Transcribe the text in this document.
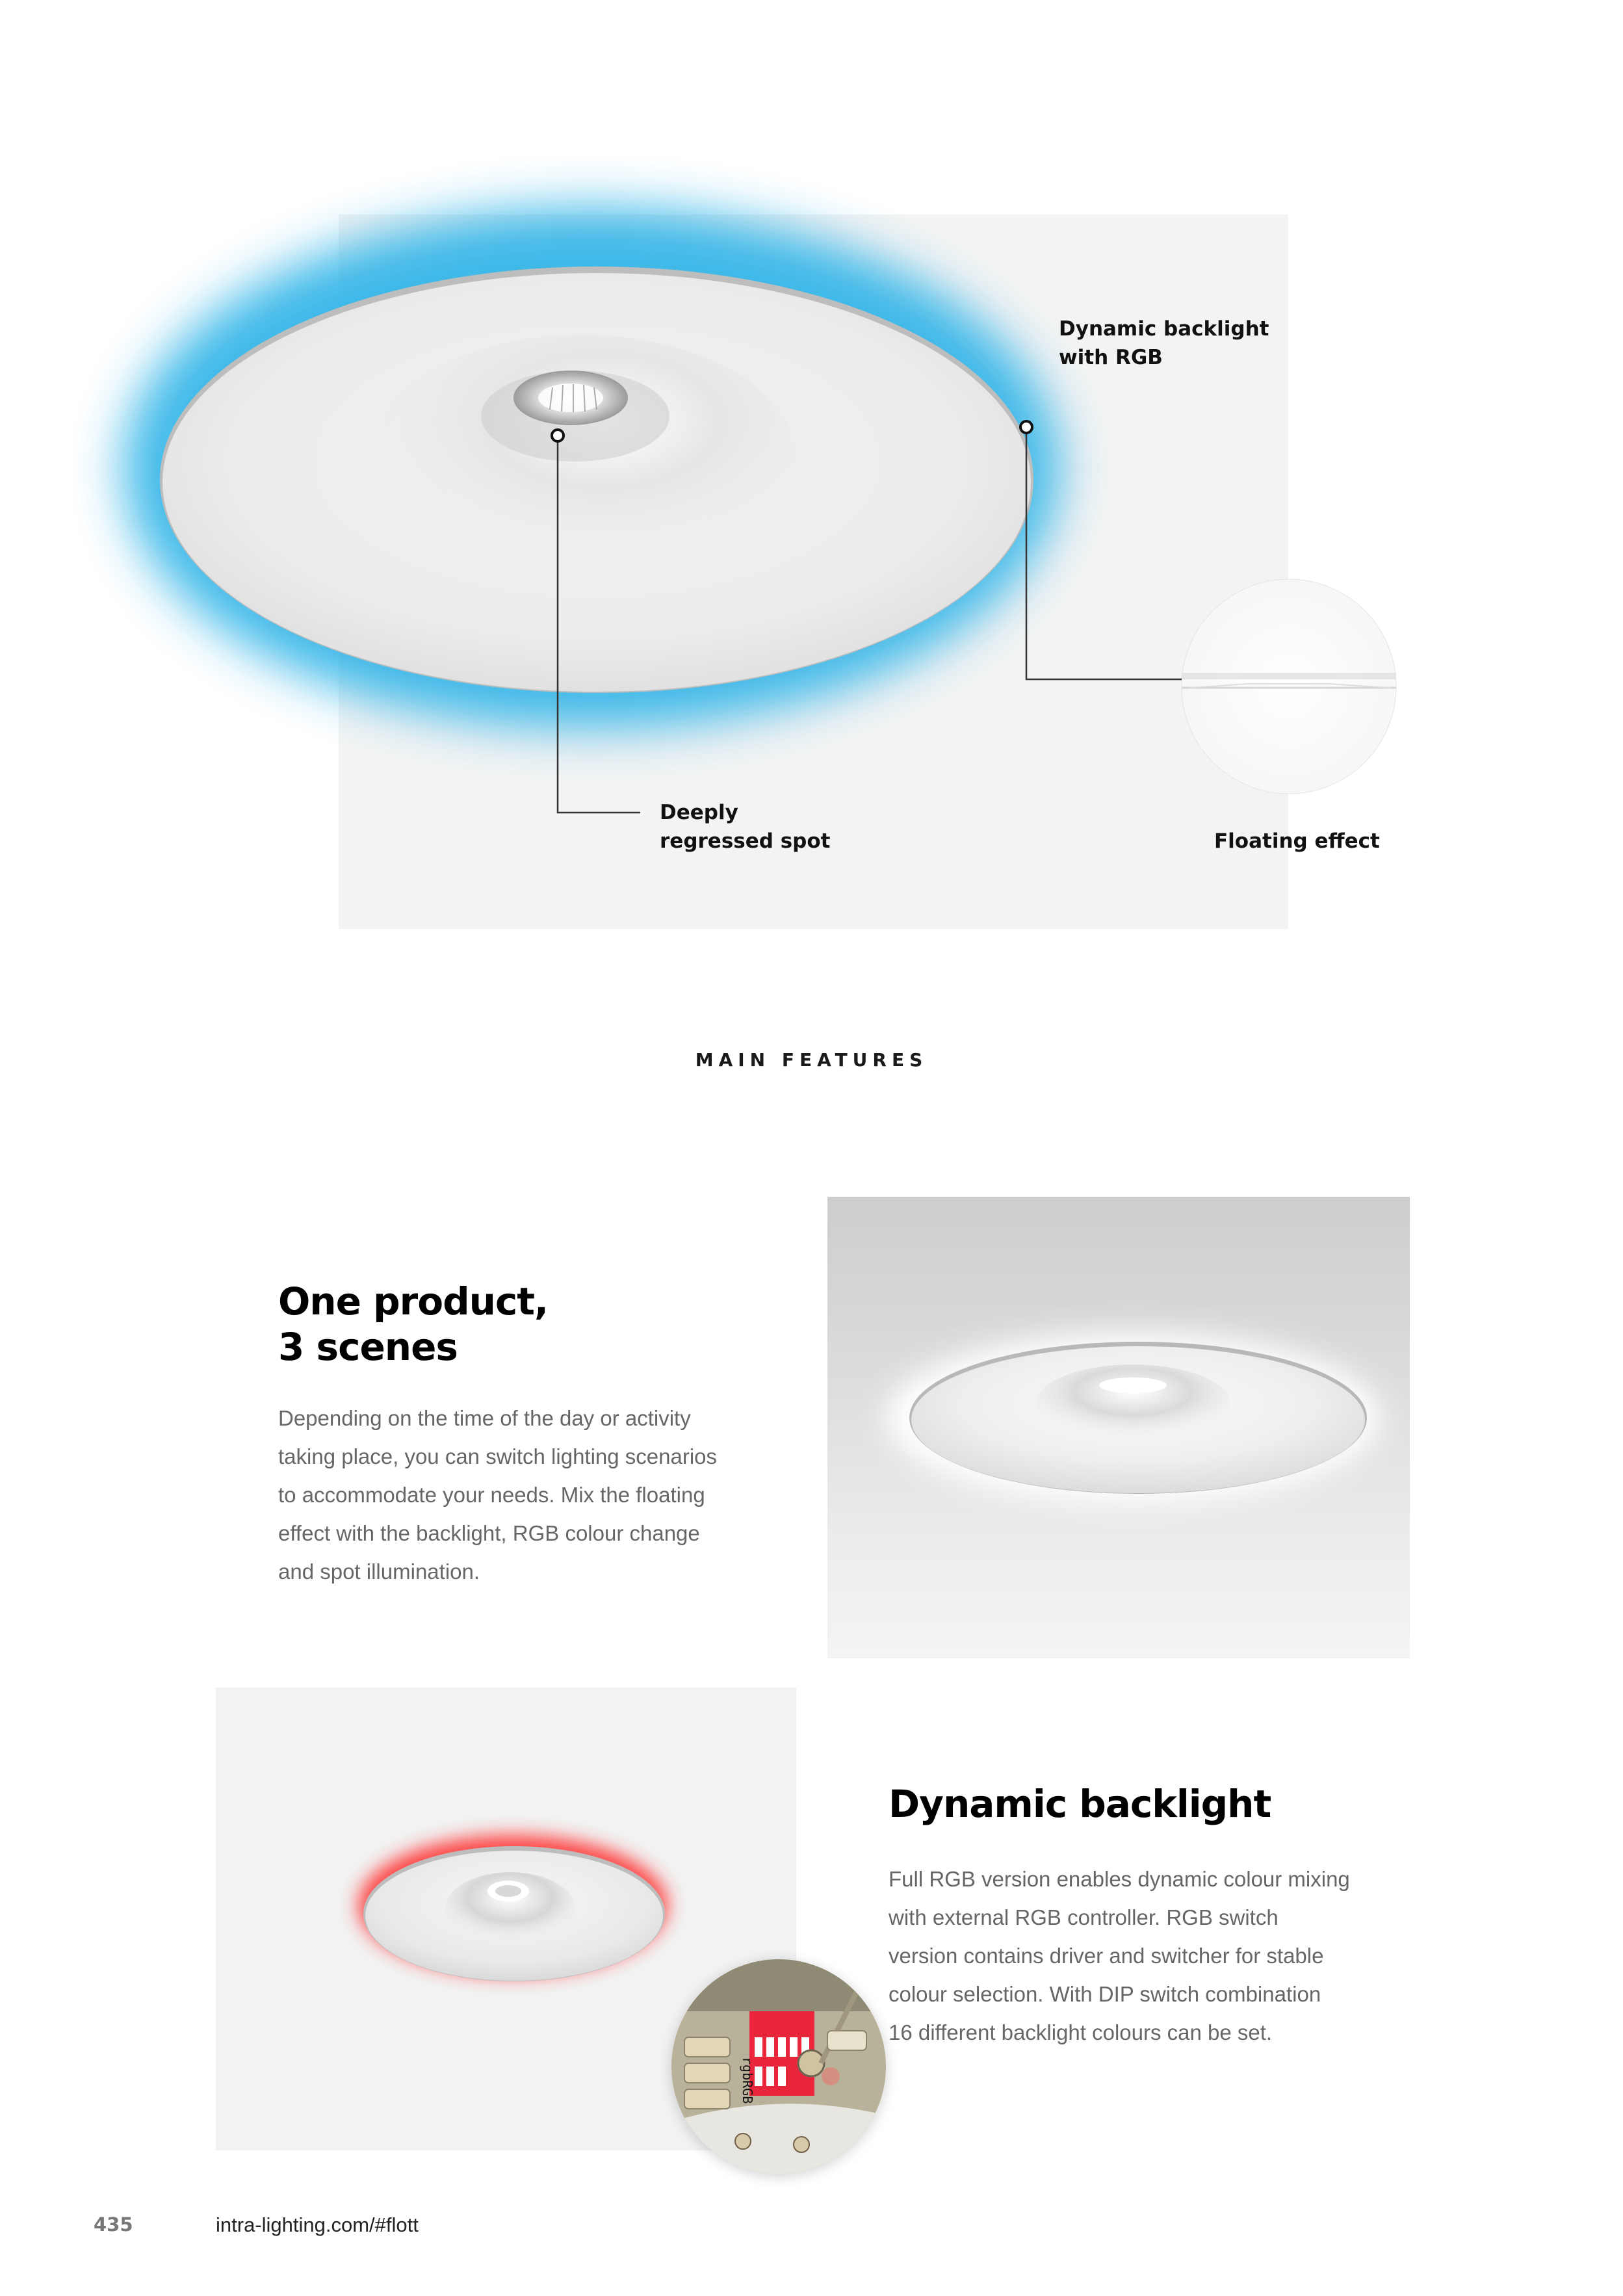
Dynamic backlight
with RGB
Deeply
regressed spot	Floating effect
MAIN FEATURES
One product,
3 scenes
Depending on the time of the day or activity
taking place, you can switch lighting scenarios
to accommodate your needs. Mix the floating
effect with the backlight, RGB colour change
and spot illumination.
rgbRGB
Dynamic backlight
Full RGB version enables dynamic colour mixing
with external RGB controller. RGB switch
version contains driver and switcher for stable
colour selection. With DIP switch combination
16 different backlight colours can be set.
435	intra-lighting.com/#flott
